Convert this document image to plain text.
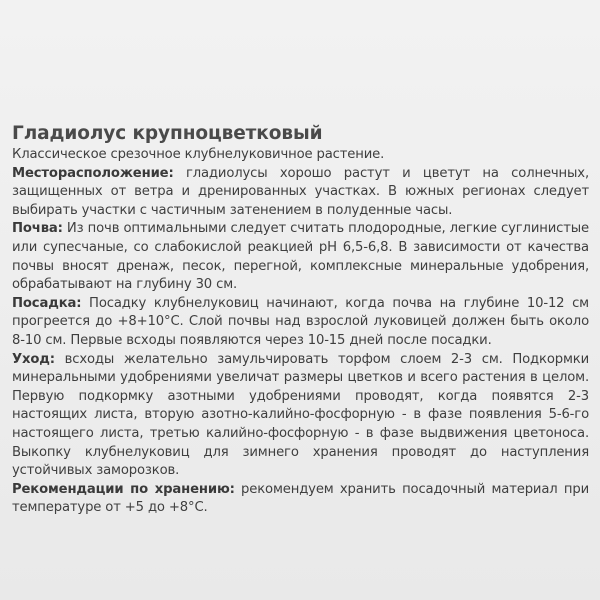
Гладиолус крупноцветковый

Классическое срезочное клубнелуковичное растение.

Месторасположение: гладиолусы хорошо растут и цветут на солнечных, защищенных от ветра и дренированных участках. В южных регионах следует выбирать участки с частичным затенением в полуденные часы.

Почва: Из почв оптимальными следует считать плодородные, легкие суглинистые или супесчаные, со слабокислой реакцией pH 6,5-6,8. В зависимости от качества почвы вносят дренаж, песок, перегной, комплексные минеральные удобрения, обрабатывают на глубину 30 см.

Посадка: Посадку клубнелуковиц начинают, когда почва на глубине 10-12 см прогреется до +8+10°С. Слой почвы над взрослой луковицей должен быть около 8-10 см. Первые всходы появляются через 10-15 дней после посадки.

Уход: всходы желательно замульчировать торфом слоем 2-3 см. Подкормки минеральными удобрениями увеличат размеры цветков и всего растения в целом. Первую подкормку азотными удобрениями проводят, когда появятся 2-3 настоящих листа, вторую азотно-калийно-фосфорную - в фазе появления 5-6-го настоящего листа, третью калийно-фосфорную - в фазе выдвижения цветоноса. Выкопку клубнелуковиц для зимнего хранения проводят до наступления устойчивых заморозков.

Рекомендации по хранению: рекомендуем хранить посадочный материал при температуре от +5 до +8°С.
